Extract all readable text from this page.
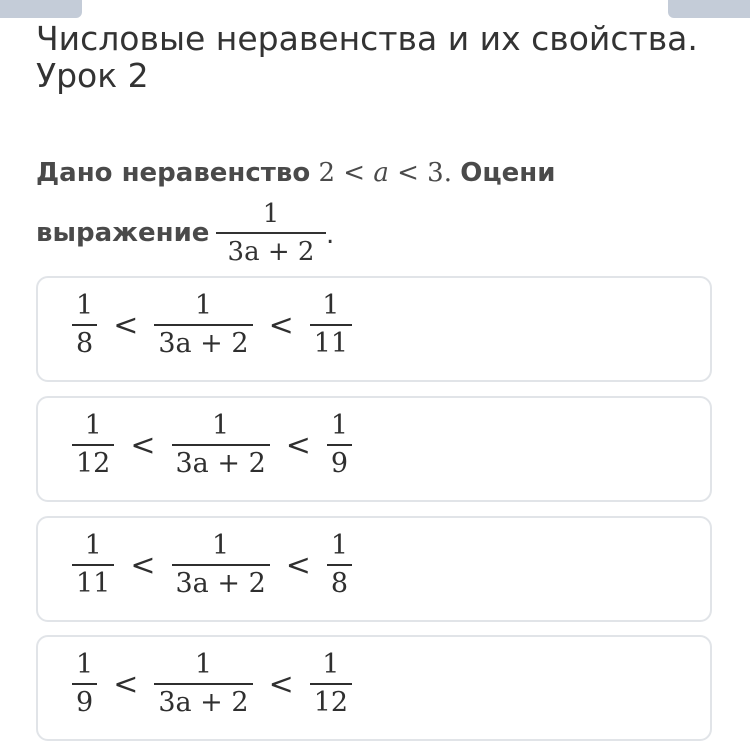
Числовые неравенства и их свойства.
Урок 2
Дано неравенство 2 < a < 3. Оцени
выражение
1
3a + 2
.
$\frac{1}{8} < \frac{1}{3a + 2} < \frac{1}{11}$
$\frac{1}{12} < \frac{1}{3a + 2} < \frac{1}{9}$
$\frac{1}{11} < \frac{1}{3a + 2} < \frac{1}{8}$
$\frac{1}{9} < \frac{1}{3a + 2} < \frac{1}{12}$
